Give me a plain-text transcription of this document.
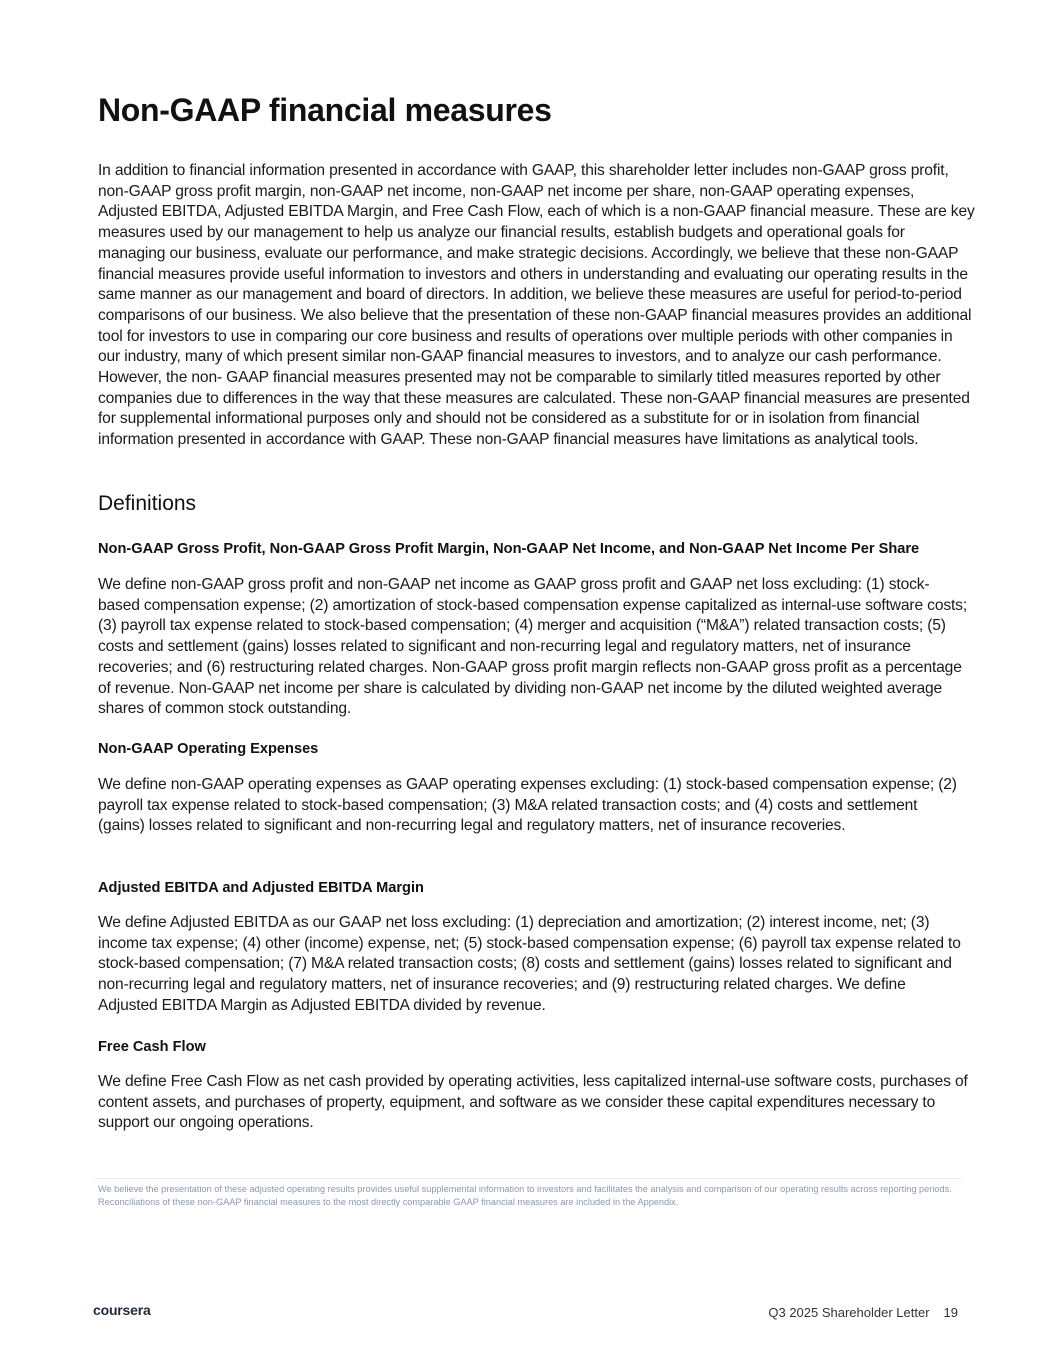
Non-GAAP financial measures

In addition to financial information presented in accordance with GAAP, this shareholder letter includes non-GAAP gross profit, non-GAAP gross profit margin, non-GAAP net income, non-GAAP net income per share, non-GAAP operating expenses, Adjusted EBITDA, Adjusted EBITDA Margin, and Free Cash Flow, each of which is a non-GAAP financial measure. These are key measures used by our management to help us analyze our financial results, establish budgets and operational goals for managing our business, evaluate our performance, and make strategic decisions. Accordingly, we believe that these non-GAAP financial measures provide useful information to investors and others in understanding and evaluating our operating results in the same manner as our management and board of directors. In addition, we believe these measures are useful for period-to-period comparisons of our business. We also believe that the presentation of these non-GAAP financial measures provides an additional tool for investors to use in comparing our core business and results of operations over multiple periods with other companies in our industry, many of which present similar non-GAAP financial measures to investors, and to analyze our cash performance. However, the non- GAAP financial measures presented may not be comparable to similarly titled measures reported by other companies due to differences in the way that these measures are calculated. These non-GAAP financial measures are presented for supplemental informational purposes only and should not be considered as a substitute for or in isolation from financial information presented in accordance with GAAP. These non-GAAP financial measures have limitations as analytical tools.

Definitions
Non-GAAP Gross Profit, Non-GAAP Gross Profit Margin, Non-GAAP Net Income, and Non-GAAP Net Income Per Share

We define non-GAAP gross profit and non-GAAP net income as GAAP gross profit and GAAP net loss excluding: (1) stock-based compensation expense; (2) amortization of stock-based compensation expense capitalized as internal-use software costs; (3) payroll tax expense related to stock-based compensation; (4) merger and acquisition (“M&A”) related transaction costs; (5) costs and settlement (gains) losses related to significant and non-recurring legal and regulatory matters, net of insurance recoveries; and (6) restructuring related charges. Non-GAAP gross profit margin reflects non-GAAP gross profit as a percentage of revenue. Non-GAAP net income per share is calculated by dividing non-GAAP net income by the diluted weighted average shares of common stock outstanding.

Non-GAAP Operating Expenses

We define non-GAAP operating expenses as GAAP operating expenses excluding: (1) stock-based compensation expense; (2) payroll tax expense related to stock-based compensation; (3) M&A related transaction costs; and (4) costs and settlement (gains) losses related to significant and non-recurring legal and regulatory matters, net of insurance recoveries.

Adjusted EBITDA and Adjusted EBITDA Margin

We define Adjusted EBITDA as our GAAP net loss excluding: (1) depreciation and amortization; (2) interest income, net; (3) income tax expense; (4) other (income) expense, net; (5) stock-based compensation expense; (6) payroll tax expense related to stock-based compensation; (7) M&A related transaction costs; (8) costs and settlement (gains) losses related to significant and non-recurring legal and regulatory matters, net of insurance recoveries; and (9) restructuring related charges. We define Adjusted EBITDA Margin as Adjusted EBITDA divided by revenue.

Free Cash Flow

We define Free Cash Flow as net cash provided by operating activities, less capitalized internal-use software costs, purchases of content assets, and purchases of property, equipment, and software as we consider these capital expenditures necessary to support our ongoing operations.

We believe the presentation of these adjusted operating results provides useful supplemental information to investors and facilitates the analysis and comparison of our operating results across reporting periods. Reconciliations of these non-GAAP financial measures to the most directly comparable GAAP financial measures are included in the Appendix.

coursera	Q3 2025 Shareholder Letter 19
